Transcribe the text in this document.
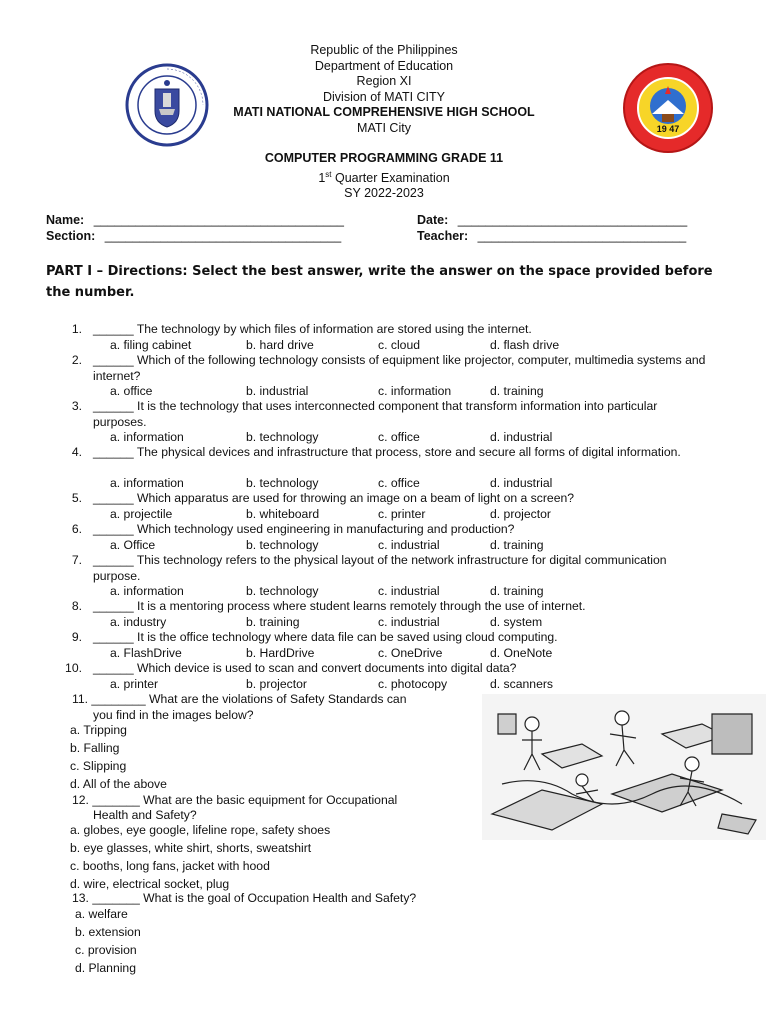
19 47
Republic of the Philippines
Department of Education
Region XI
Division of MATI CITY
MATI NATIONAL COMPREHENSIVE HIGH SCHOOL
MATI City
COMPUTER PROGRAMMING GRADE 11
1st Quarter Examination
SY 2022-2023
Name: ____________________________________
Section: __________________________________
Date: _________________________________
Teacher: ______________________________
PART I – Directions: Select the best answer, write the answer on the space provided before the number.
1. ______ The technology by which files of information are stored using the internet.
a. filing cabinet	b. hard drive	c. cloud	d. flash drive
2. ______ Which of the following technology consists of equipment like projector, computer, multimedia systems and internet?
a. office	b. industrial	c. information	d. training
3. ______ It is the technology that uses interconnected component that transform information into particular purposes.
a. information	b. technology	c. office	d. industrial
4. ______ The physical devices and infrastructure that process, store and secure all forms of digital information.
a. information	b. technology	c. office	d. industrial
5. ______ Which apparatus are used for throwing an image on a beam of light on a screen?
a. projectile	b. whiteboard	c. printer	d. projector
6. ______ Which technology used engineering in manufacturing and production?
a. Office	b. technology	c. industrial	d. training
7. ______ This technology refers to the physical layout of the network infrastructure for digital communication purpose.
a. information	b. technology	c. industrial	d. training
8. ______ It is a mentoring process where student learns remotely through the use of internet.
a. industry	b. training	c. industrial	d. system
9. ______ It is the office technology where data file can be saved using cloud computing.
a. FlashDrive	b. HardDrive	c. OneDrive	d. OneNote
10. ______ Which device is used to scan and convert documents into digital data?
a. printer	b. projector	c. photocopy	d. scanners
11. ________ What are the violations of Safety Standards can
you find in the images below?
a. Tripping
b. Falling
c. Slipping
d. All of the above
12. _______ What are the basic equipment for Occupational
Health and Safety?
a. globes, eye google, lifeline rope, safety shoes
b. eye glasses, white shirt, shorts, sweatshirt
c. booths, long fans, jacket with hood
d. wire, electrical socket, plug
13. _______ What is the goal of Occupation Health and Safety?
a. welfare
b. extension
c. provision
d. Planning
